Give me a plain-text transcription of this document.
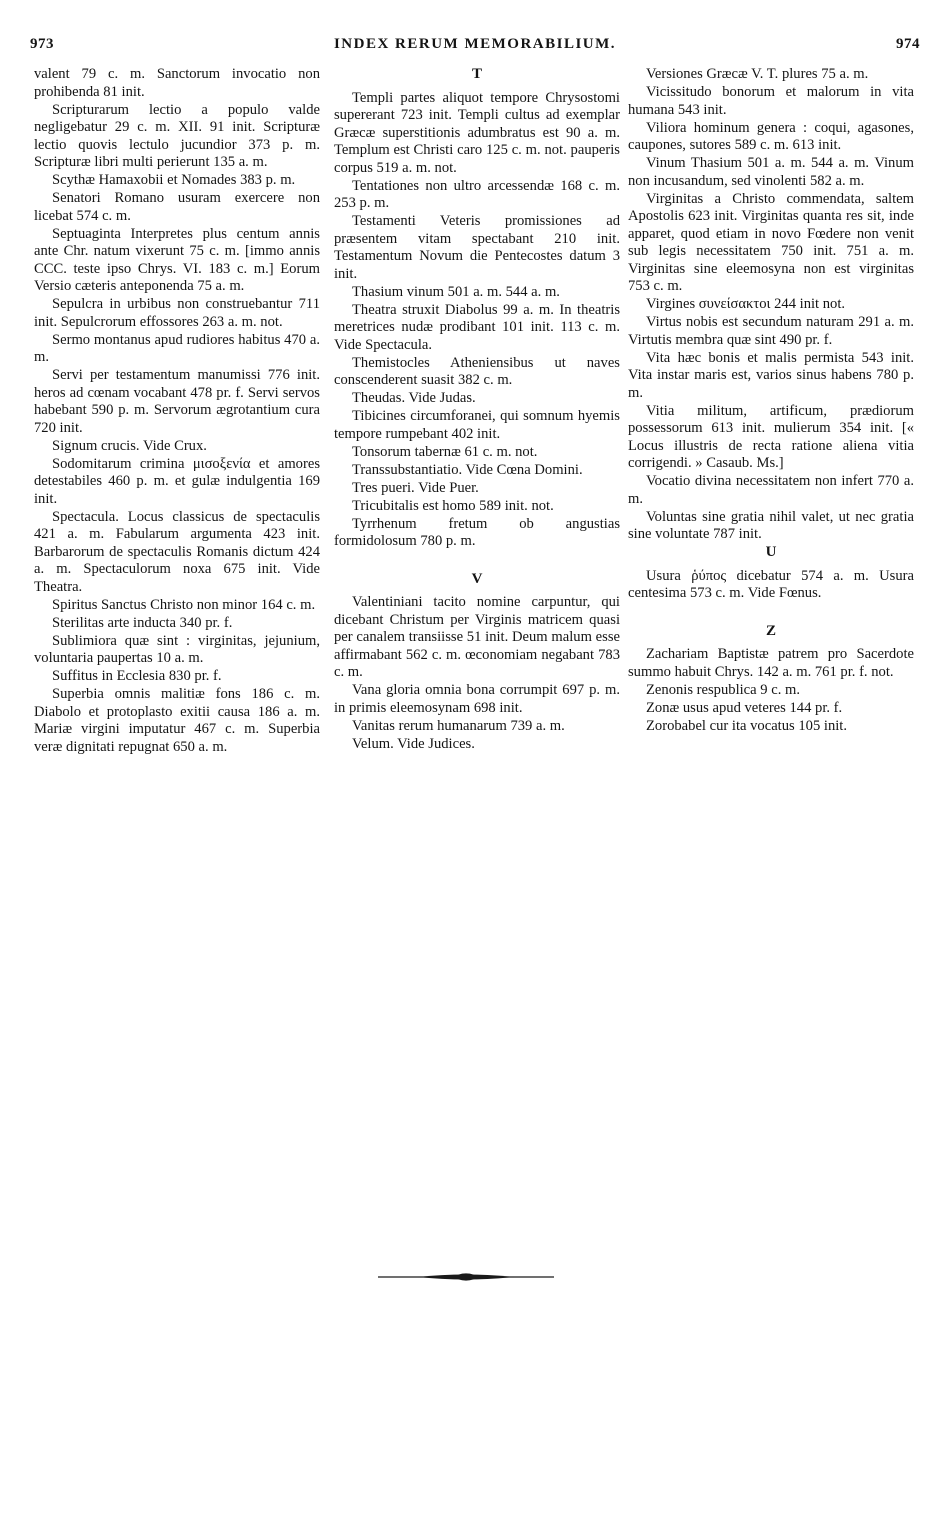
973	INDEX RERUM MEMORABILIUM.	974

valent 79 c. m. Sanctorum invocatio non prohibenda 81 init.

Scripturarum lectio a populo valde negligebatur 29 c. m. XII. 91 init. Scripturæ lectio quovis lectulo jucundior 373 p. m. Scripturæ libri multi perierunt 135 a. m.

Scythæ Hamaxobii et Nomades 383 p. m.

Senatori Romano usuram exercere non licebat 574 c. m.

Septuaginta Interpretes plus centum annis ante Chr. natum vixerunt 75 c. m. [immo annis CCC. teste ipso Chrys. VI. 183 c. m.] Eorum Versio cæteris anteponenda 75 a. m.

Sepulcra in urbibus non construebantur 711 init. Sepulcrorum effossores 263 a. m. not.

Sermo montanus apud rudiores habitus 470 a. m.

Servi per testamentum manumissi 776 init. heros ad cœnam vocabant 478 pr. f. Servi servos habebant 590 p. m. Servorum ægrotantium cura 720 init.

Signum crucis. Vide Crux.

Sodomitarum crimina μισοξενία et amores detestabiles 460 p. m. et gulæ indulgentia 169 init.

Spectacula. Locus classicus de spectaculis 421 a. m. Fabularum argumenta 423 init. Barbarorum de spectaculis Romanis dictum 424 a. m. Spectaculorum noxa 675 init. Vide Theatra.

Spiritus Sanctus Christo non minor 164 c. m.

Sterilitas arte inducta 340 pr. f.

Sublimiora quæ sint : virginitas, jejunium, voluntaria paupertas 10 a. m.

Suffitus in Ecclesia 830 pr. f.

Superbia omnis malitiæ fons 186 c. m. Diabolo et protoplasto exitii causa 186 a. m. Mariæ virgini imputatur 467 c. m. Superbia veræ dignitati repugnat 650 a. m.

T

Templi partes aliquot tempore Chrysostomi supererant 723 init. Templi cultus ad exemplar Græcæ superstitionis adumbratus est 90 a. m. Templum est Christi caro 125 c. m. not. pauperis corpus 519 a. m. not.

Tentationes non ultro arcessendæ 168 c. m. 253 p. m.

Testamenti Veteris promissiones ad præsentem vitam spectabant 210 init. Testamentum Novum die Pentecostes datum 3 init.

Thasium vinum 501 a. m. 544 a. m.

Theatra struxit Diabolus 99 a. m. In theatris meretrices nudæ prodibant 101 init. 113 c. m. Vide Spectacula.

Themistocles Atheniensibus ut naves conscenderent suasit 382 c. m.

Theudas. Vide Judas.

Tibicines circumforanei, qui somnum hyemis tempore rumpebant 402 init.

Tonsorum tabernæ 61 c. m. not.

Transsubstantiatio. Vide Cœna Domini.

Tres pueri. Vide Puer.

Tricubitalis est homo 589 init. not.

Tyrrhenum fretum ob angustias formidolosum 780 p. m.

V

Valentiniani tacito nomine carpuntur, qui dicebant Christum per Virginis matricem quasi per canalem transiisse 51 init. Deum malum esse affirmabant 562 c. m. œconomiam negabant 783 c. m.

Vana gloria omnia bona corrumpit 697 p. m. in primis eleemosynam 698 init.

Vanitas rerum humanarum 739 a. m.

Velum. Vide Judices.

Versiones Græcæ V. T. plures 75 a. m.

Vicissitudo bonorum et malorum in vita humana 543 init.

Viliora hominum genera : coqui, agasones, caupones, sutores 589 c. m. 613 init.

Vinum Thasium 501 a. m. 544 a. m. Vinum non incusandum, sed vinolenti 582 a. m.

Virginitas a Christo commendata, saltem Apostolis 623 init. Virginitas quanta res sit, inde apparet, quod etiam in novo Fœdere non venit sub legis necessitatem 750 init. 751 a. m. Virginitas sine eleemosyna non est virginitas 753 c. m.

Virgines συνείσακτοι 244 init not.

Virtus nobis est secundum naturam 291 a. m. Virtutis membra quæ sint 490 pr. f.

Vita hæc bonis et malis permista 543 init. Vita instar maris est, varios sinus habens 780 p. m.

Vitia militum, artificum, prædiorum possessorum 613 init. mulierum 354 init. [« Locus illustris de recta ratione aliena vitia corrigendi. » Casaub. Ms.]

Vocatio divina necessitatem non infert 770 a. m.

Voluntas sine gratia nihil valet, ut nec gratia sine voluntate 787 init.

U

Usura ῥύπος dicebatur 574 a. m. Usura centesima 573 c. m. Vide Fœnus.

Z

Zachariam Baptistæ patrem pro Sacerdote summo habuit Chrys. 142 a. m. 761 pr. f. not.

Zenonis respublica 9 c. m.

Zonæ usus apud veteres 144 pr. f.

Zorobabel cur ita vocatus 105 init.
